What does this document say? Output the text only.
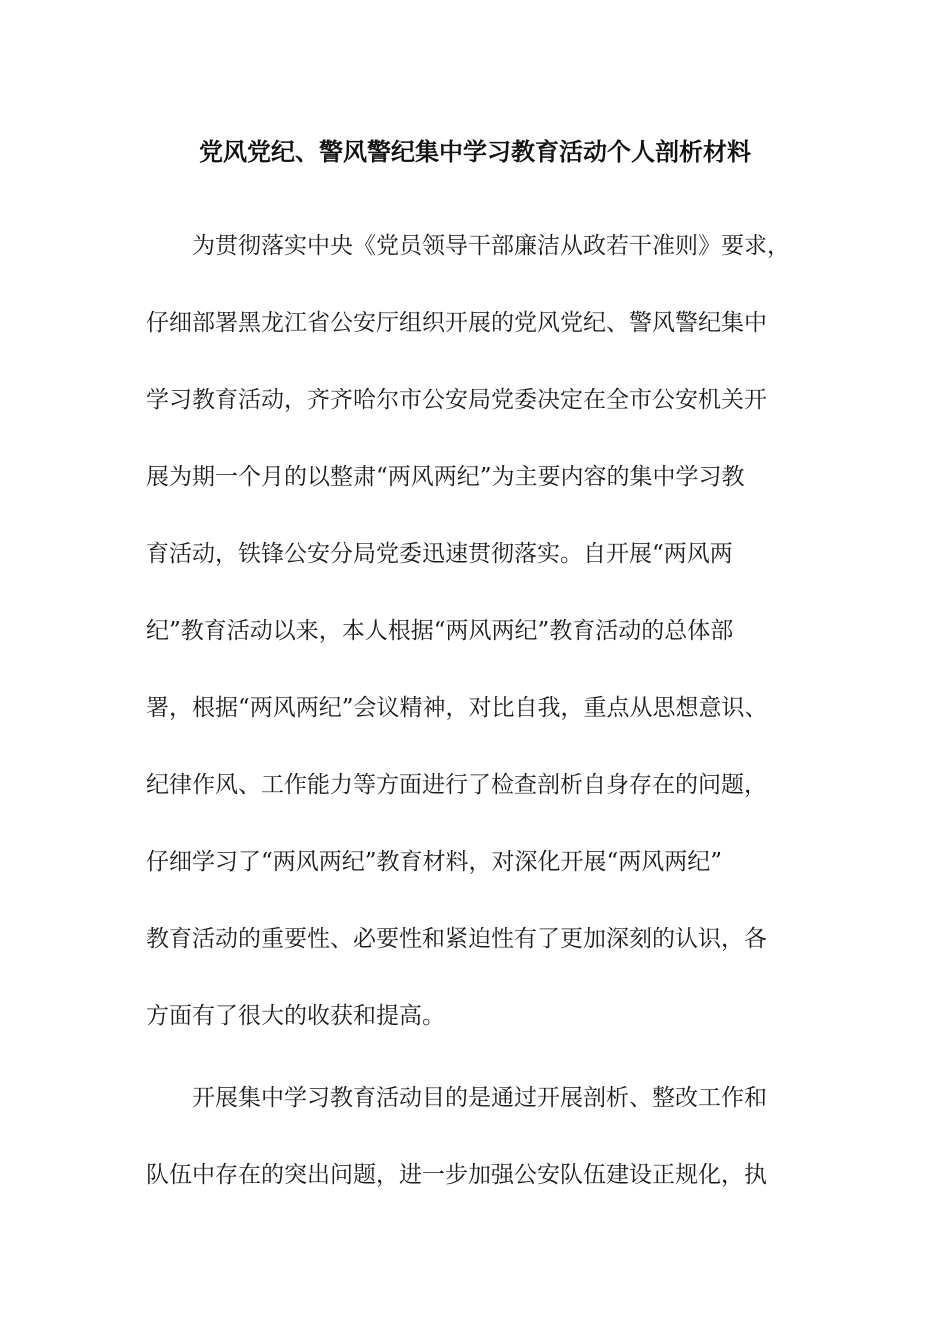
党风党纪、警风警纪集中学习教育活动个人剖析材料
为贯彻落实中央《党员领导干部廉洁从政若干准则》要求，
仔细部署黑龙江省公安厅组织开展的党风党纪、警风警纪集中
学习教育活动，齐齐哈尔市公安局党委决定在全市公安机关开
展为期一个月的以整肃“两风两纪”为主要内容的集中学习教
育活动，铁锋公安分局党委迅速贯彻落实。自开展“两风两
纪”教育活动以来，本人根据“两风两纪”教育活动的总体部
署，根据“两风两纪”会议精神，对比自我，重点从思想意识、
纪律作风、工作能力等方面进行了检查剖析自身存在的问题，
仔细学习了“两风两纪”教育材料，对深化开展“两风两纪”
教育活动的重要性、必要性和紧迫性有了更加深刻的认识，各
方面有了很大的收获和提高。
开展集中学习教育活动目的是通过开展剖析、整改工作和
队伍中存在的突出问题，进一步加强公安队伍建设正规化，执
